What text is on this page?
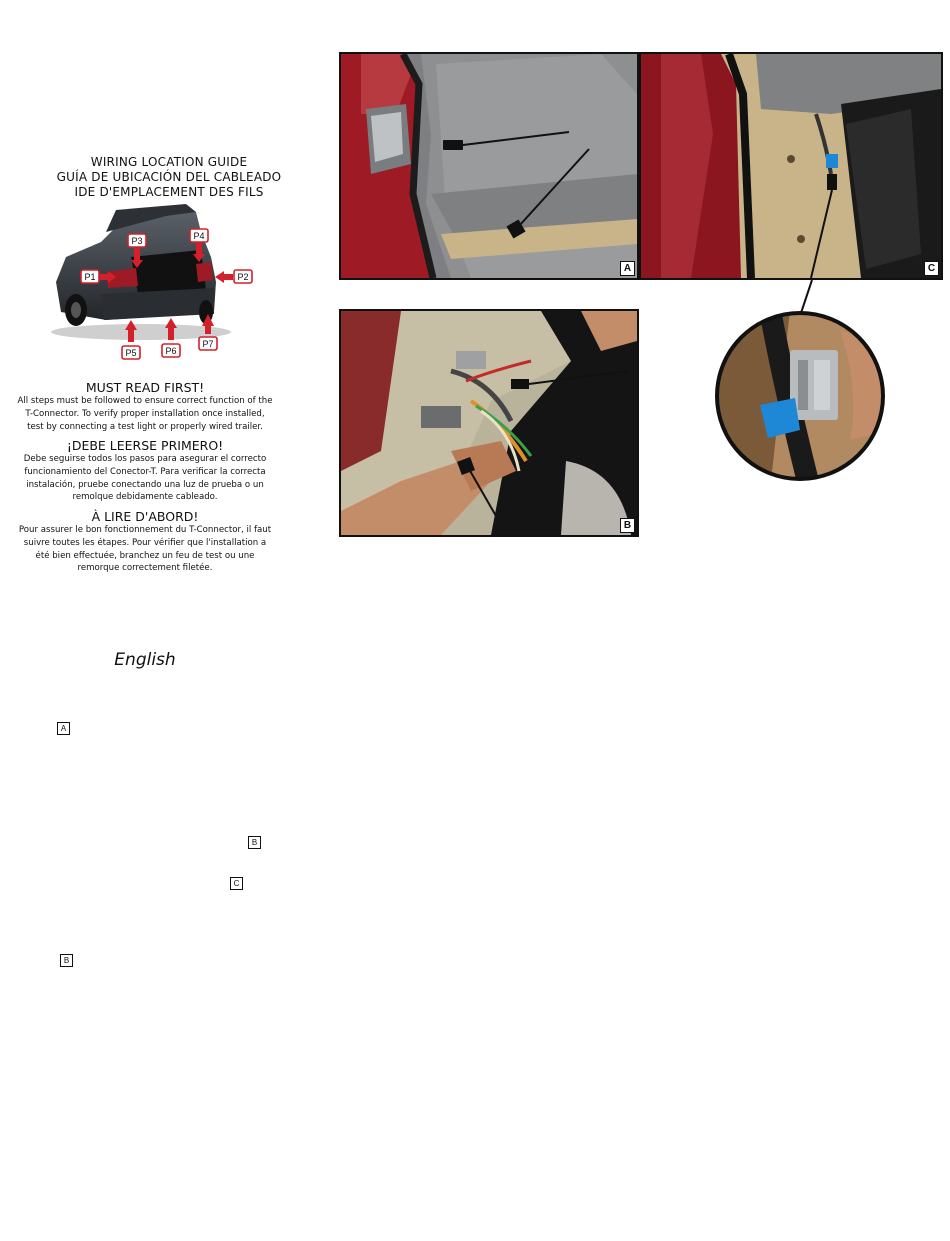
WIRING LOCATION GUIDE
GUÍA DE UBICACIÓN DEL CABLEADO
IDE D'EMPLACEMENT DES FILS
P1	P2
P3	P4
P5	P6
P7
MUST READ FIRST!
All steps must be followed to ensure correct function of the
T-Connector. To verify proper installation once installed,
test by connecting a test light or properly wired trailer.
¡DEBE LEERSE PRIMERO!
Debe seguirse todos los pasos para asegurar el correcto
funcionamiento del Conector-T. Para verificar la correcta
instalación, pruebe conectando una luz de prueba o un
remolque debidamente cableado.
À LIRE D'ABORD!
Pour assurer le bon fonctionnement du T-Connector, il faut
suivre toutes les étapes. Pour vérifier que l'installation a
été bien effectuée, branchez un feu de test ou une
remorque correctement filetée.
English
A
B
C
B
A	C
B
